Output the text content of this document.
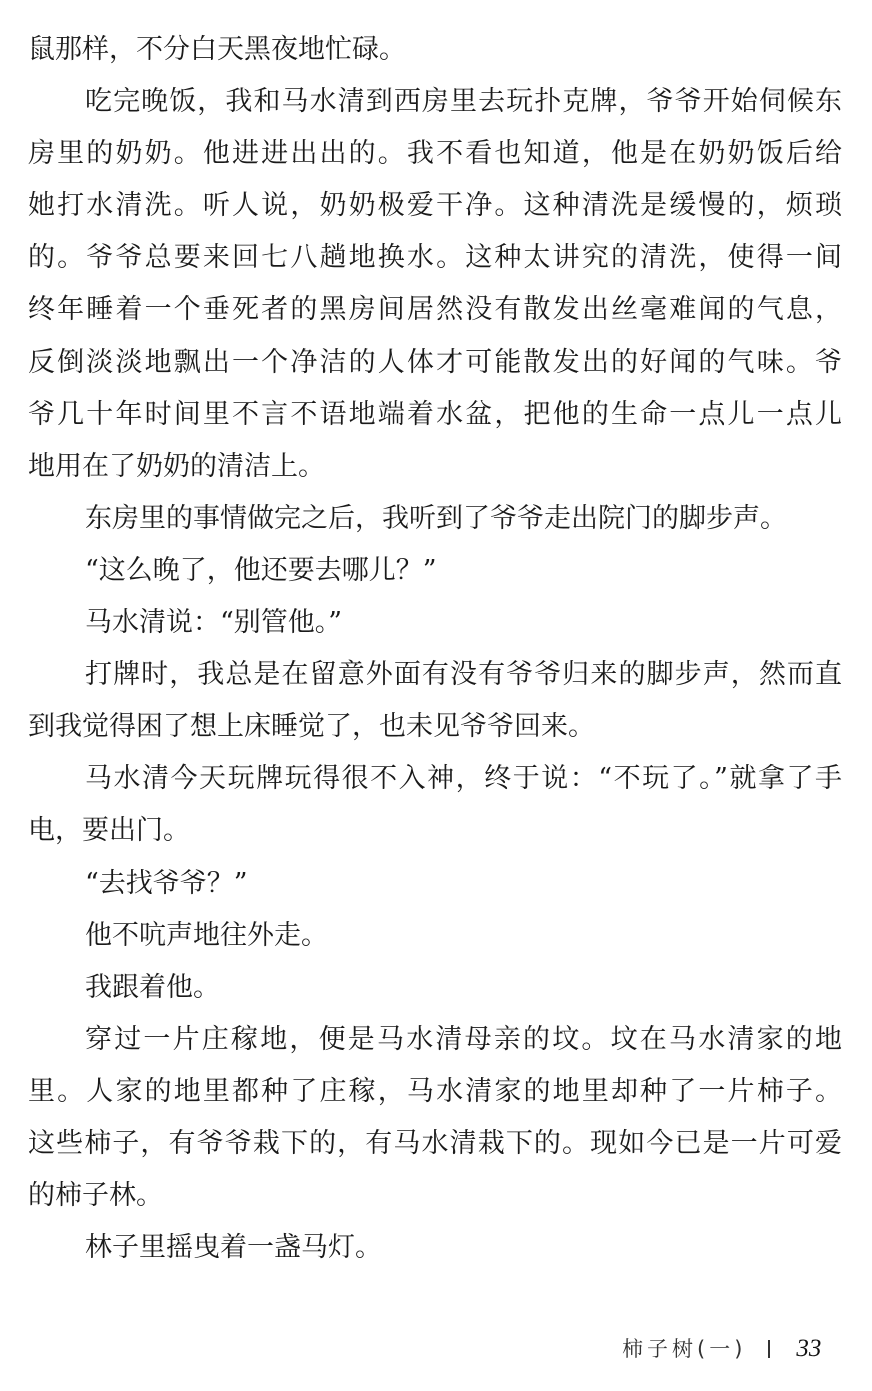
鼠那样，不分白天黑夜地忙碌。
吃完晚饭，我和马水清到西房里去玩扑克牌，爷爷开始伺候东
房里的奶奶。他进进出出的。我不看也知道，他是在奶奶饭后给
她打水清洗。听人说，奶奶极爱干净。这种清洗是缓慢的，烦琐
的。爷爷总要来回七八趟地换水。这种太讲究的清洗，使得一间
终年睡着一个垂死者的黑房间居然没有散发出丝毫难闻的气息，
反倒淡淡地飘出一个净洁的人体才可能散发出的好闻的气味。爷
爷几十年时间里不言不语地端着水盆，把他的生命一点儿一点儿
地用在了奶奶的清洁上。
东房里的事情做完之后，我听到了爷爷走出院门的脚步声。
“这么晚了，他还要去哪儿？”
马水清说：“别管他。”
打牌时，我总是在留意外面有没有爷爷归来的脚步声，然而直
到我觉得困了想上床睡觉了，也未见爷爷回来。
马水清今天玩牌玩得很不入神，终于说：“不玩了。”就拿了手
电，要出门。
“去找爷爷？”
他不吭声地往外走。
我跟着他。
穿过一片庄稼地，便是马水清母亲的坟。坟在马水清家的地
里。人家的地里都种了庄稼，马水清家的地里却种了一片柿子。
这些柿子，有爷爷栽下的，有马水清栽下的。现如今已是一片可爱
的柿子林。
林子里摇曳着一盏马灯。
柿子树(一) 33
